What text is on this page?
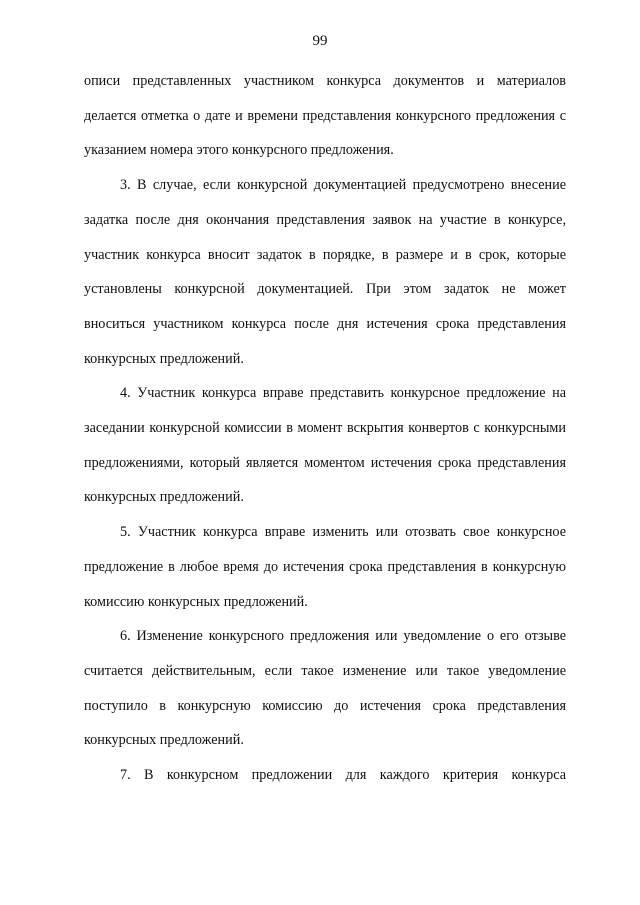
99

описи представленных участником конкурса документов и материалов делается отметка о дате и времени представления конкурсного предложения с указанием номера этого конкурсного предложения.

3. В случае, если конкурсной документацией предусмотрено внесение задатка после дня окончания представления заявок на участие в конкурсе, участник конкурса вносит задаток в порядке, в размере и в срок, которые установлены конкурсной документацией. При этом задаток не может вноситься участником конкурса после дня истечения срока представления конкурсных предложений.

4. Участник конкурса вправе представить конкурсное предложение на заседании конкурсной комиссии в момент вскрытия конвертов с конкурсными предложениями, который является моментом истечения срока представления конкурсных предложений.

5. Участник конкурса вправе изменить или отозвать свое конкурсное предложение в любое время до истечения срока представления в конкурсную комиссию конкурсных предложений.

6. Изменение конкурсного предложения или уведомление о его отзыве считается действительным, если такое изменение или такое уведомление поступило в конкурсную комиссию до истечения срока представления конкурсных предложений.

7. В конкурсном предложении для каждого критерия конкурса
